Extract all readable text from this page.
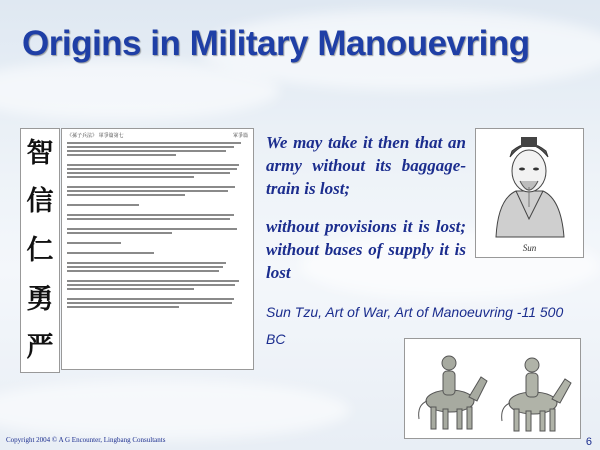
Origins in Military Manouevring
智
信
仁
勇
严
《孫子兵法》 軍爭篇第七	軍爭篇 We may take it then that an army without its baggage-train is lost;
without provisions it is lost; without bases of supply it is lost
Sun Tzu, Art of War, Art of Manoeuvring -11 500 BC
Sun
Copyright 2004 © A G Encounter, Lingbang Consultants	6
